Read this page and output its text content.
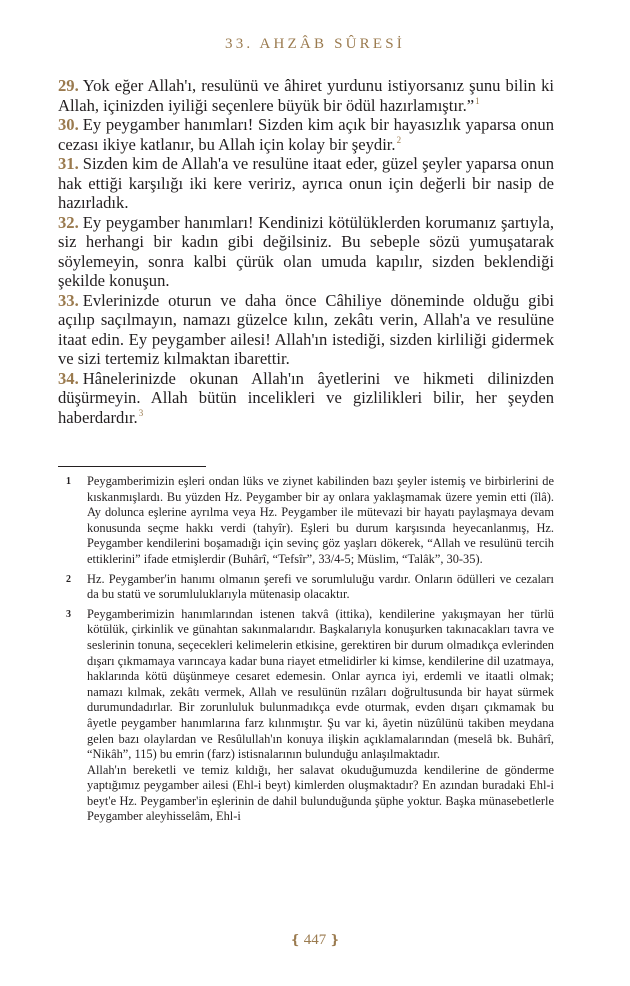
33. AHZÂB SÛRESİ

29. Yok eğer Allah'ı, resulünü ve âhiret yurdunu istiyorsanız şunu bilin ki Allah, içinizden iyiliği seçenlere büyük bir ödül hazırlamıştır.”$^1$

30. Ey peygamber hanımları! Sizden kim açık bir hayasızlık yaparsa onun cezası ikiye katlanır, bu Allah için kolay bir şeydir.$^2$

31. Sizden kim de Allah'a ve resulüne itaat eder, güzel şeyler yaparsa onun hak ettiği karşılığı iki kere veririz, ayrıca onun için değerli bir nasip de hazırladık.

32. Ey peygamber hanımları! Kendinizi kötülüklerden korumanız şartıyla, siz herhangi bir kadın gibi değilsiniz. Bu sebeple sözü yumuşatarak söylemeyin, sonra kalbi çürük olan umuda kapılır, sizden beklendiği şekilde konuşun.

33. Evlerinizde oturun ve daha önce Câhiliye döneminde olduğu gibi açılıp saçılmayın, namazı güzelce kılın, zekâtı verin, Allah'a ve resulüne itaat edin. Ey peygamber ailesi! Allah'ın istediği, sizden kirliliği gidermek ve sizi tertemiz kılmaktan ibarettir.

34. Hânelerinizde okunan Allah'ın âyetlerini ve hikmeti dilinizden düşürmeyin. Allah bütün incelikleri ve gizlilikleri bilir, her şeyden haberdardır.$^3$

1 Peygamberimizin eşleri ondan lüks ve ziynet kabilinden bazı şeyler istemiş ve birbirlerini de kıskanmışlardı. Bu yüzden Hz. Peygamber bir ay onlara yaklaşmamak üzere yemin etti (îlâ). Ay dolunca eşlerine ayrılma veya Hz. Peygamber ile mütevazi bir hayatı paylaşmaya devam konusunda seçme hakkı verdi (tahyîr). Eşleri bu durum karşısında heyecanlanmış, Hz. Peygamber kendilerini boşamadığı için sevinç göz yaşları dökerek, “Allah ve resulünü tercih ettiklerini” ifade etmişlerdir (Buhârî, “Tefsîr”, 33/4-5; Müslim, “Talâk”, 30-35).

2 Hz. Peygamber'in hanımı olmanın şerefi ve sorumluluğu vardır. Onların ödülleri ve cezaları da bu statü ve sorumluluklarıyla mütenasip olacaktır.

3 Peygamberimizin hanımlarından istenen takvâ (ittika), kendilerine yakışmayan her türlü kötülük, çirkinlik ve günahtan sakınmalarıdır. Başkalarıyla konuşurken takınacakları tavra ve seslerinin tonuna, seçecekleri kelimelerin etkisine, gerektiren bir durum olmadıkça evlerinden dışarı çıkmamaya varıncaya kadar buna riayet etmelidirler ki kimse, kendilerine dil uzatmaya, haklarında kötü düşünmeye cesaret edemesin. Onlar ayrıca iyi, erdemli ve itaatli olmak; namazı kılmak, zekâtı vermek, Allah ve resulünün rızâları doğrultusunda bir hayat sürmek durumundadırlar. Bir zorunluluk bulunmadıkça evde oturmak, evden dışarı çıkmamak bu âyetle peygamber hanımlarına farz kılınmıştır. Şu var ki, âyetin nüzûlünü takiben meydana gelen bazı olaylardan ve Resûlullah'ın konuya ilişkin açıklamalarından (meselâ bk. Buhârî, “Nikâh”, 115) bu emrin (farz) istisnalarının bulunduğu anlaşılmaktadır.

Allah'ın bereketli ve temiz kıldığı, her salavat okuduğumuzda kendilerine de gönderme yaptığımız peygamber ailesi (Ehl-i beyt) kimlerden oluşmaktadır? En azından buradaki Ehl-i beyt'e Hz. Peygamber'in eşlerinin de dahil bulunduğunda şüphe yoktur. Başka münasebetlerle Peygamber aleyhisselâm, Ehl-i

❴ 447 ❵
